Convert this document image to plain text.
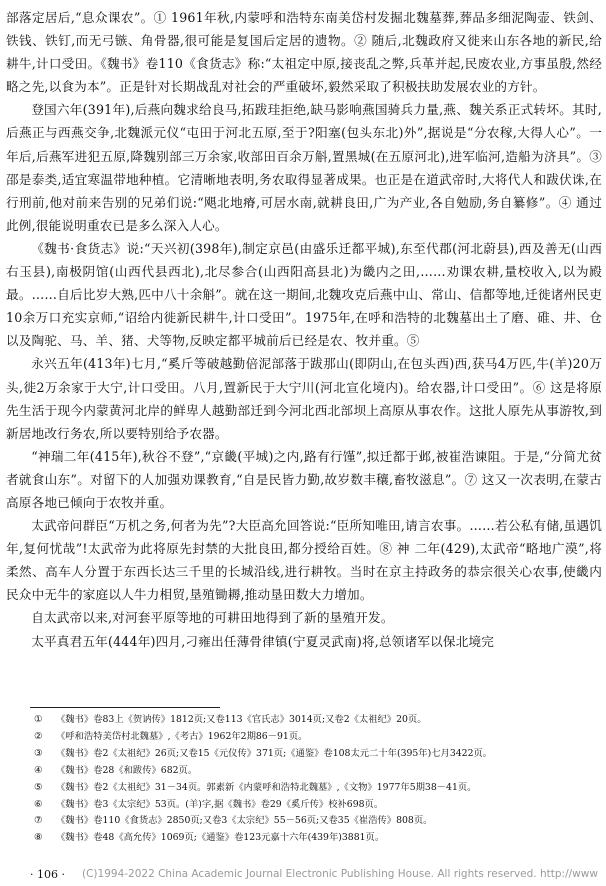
部落定居后,“息众课农”。① 1961年秋,内蒙呼和浩特东南美岱村发掘北魏墓葬,葬品多细泥陶壶、铁剑、铁钱、铁钉,而无弓镞、角骨器,很可能是复国后定居的遗物。② 随后,北魏政府又徙来山东各地的新民,给耕牛,计口受田。《魏书》卷110《食货志》称:“太祖定中原,接丧乱之弊,兵革并起,民废农业,方事虽殷,然经略之先,以食为本”。正是针对长期战乱对社会的严重破坏,毅然采取了积极扶助发展农业的方针。

登国六年(391年),后燕向魏求给良马,拓跋珪拒绝,缺马影响燕国骑兵力量,燕、魏关系正式转坏。其时,后燕正与西燕交争,北魏派元仪“屯田于河北五原,至于?阳塞(包头东北)外”,据说是“分农稼,大得人心”。一年后,后燕军进犯五原,降魏别部三万余家,收部田百余万斛,置黑城(在五原河北),进军临河,造船为济具”。③ 邵是泰类,适宜寒温带地种植。它清晰地表明,务农取得显著成果。也正是在道武帝时,大将代人和跋伏诛,在行刑前,他对前来告别的兄弟们说:“飓北地瘠,可居水南,就耕良田,广为产业,各自勉励,务自纂修”。④ 通过此例,很能说明重农已是多么深入人心。

《魏书·食货志》说:“天兴初(398年),制定京邑(由盛乐迁都平城),东至代郡(河北蔚县),西及善无(山西右玉县),南极阴馆(山西代县西北),北尽参合(山西阳高县北)为畿内之田,……劝课农耕,量校收入,以为殿最。……自后比岁大熟,匹中八十余斛”。就在这一期间,北魏攻克后燕中山、常山、信都等地,迁徙诸州民吏10余万口充实京师,“诏给内徙新民耕牛,计口受田”。1975年,在呼和浩特的北魏墓出土了磨、碓、井、仓以及陶驼、马、羊、猪、犬等物,反映定都平城前后已经是农、牧并重。⑤

永兴五年(413年)七月,“奚斤等破越勤倍泥部落于跋那山(即阴山,在包头西)西,获马4万匹,牛(羊)20万头,徙2万余家于大宁,计口受田。八月,置新民于大宁川(河北宣化境内)。给农器,计口受田”。⑥ 这是将原先生活于现今内蒙黄河北岸的鲜卑人越勤部迁到今河北西北部坝上高原从事农作。这批人原先从事游牧,到新居地改行务农,所以要特别给予农器。

“神瑞二年(415年),秋谷不登”,“京畿(平城)之内,路有行馑”,拟迁都于邺,被崔浩谏阻。于是,“分简尤贫者就食山东”。对留下的人加强劝课教育,“自是民皆力勤,故岁数丰穰,畜牧滋息”。⑦ 这又一次表明,在蒙古高原各地已倾向于农牧并重。

太武帝问群臣“万机之务,何者为先”?大臣高允回答说:“臣所知唯田,请言农事。……若公私有储,虽遇饥年,复何忧哉”!太武帝为此将原先封禁的大批良田,都分授给百姓。⑧ 神 二年(429),太武帝“略地广漠”,将柔然、高车人分置于东西长达三千里的长城沿线,进行耕牧。当时在京主持政务的恭宗很关心农事,使畿内民众中无牛的家庭以人牛力相贸,垦殖锄耨,推动垦田数大力增加。

自太武帝以来,对河套平原等地的可耕田地得到了新的垦殖开发。

太平真君五年(444年)四月,刁雍出任薄骨律镇(宁夏灵武南)将,总领诸军以保北境完

① 《魏书》卷83上《贺讷传》1812页;又卷113《官氏志》3014页;又卷2《太祖纪》20页。
② 《呼和浩特美岱村北魏墓》,《考古》1962年2期86－91页。
③ 《魏书》卷2《太祖纪》26页;又卷15《元仪传》371页;《通鉴》卷108太元二十年(395年)七月3422页。
④ 《魏书》卷28《和跋传》682页。
⑤ 《魏书》卷2《太祖纪》31－34页。郭素新《内蒙呼和浩特北魏墓》,《文物》1977年5期38－41页。
⑥ 《魏书》卷3《太宗纪》53页。(羊)字,据《魏书》卷29《奚斤传》校补698页。
⑦ 《魏书》卷110《食货志》2850页;又卷3《太宗纪》55－56页;又卷35《崔浩传》808页。
⑧ 《魏书》卷48《高允传》1069页;《通鉴》卷123元嘉十六年(439年)3881页。
· 106 · (C)1994-2022 China Academic Journal Electronic Publishing House. All rights reserved. http://www
